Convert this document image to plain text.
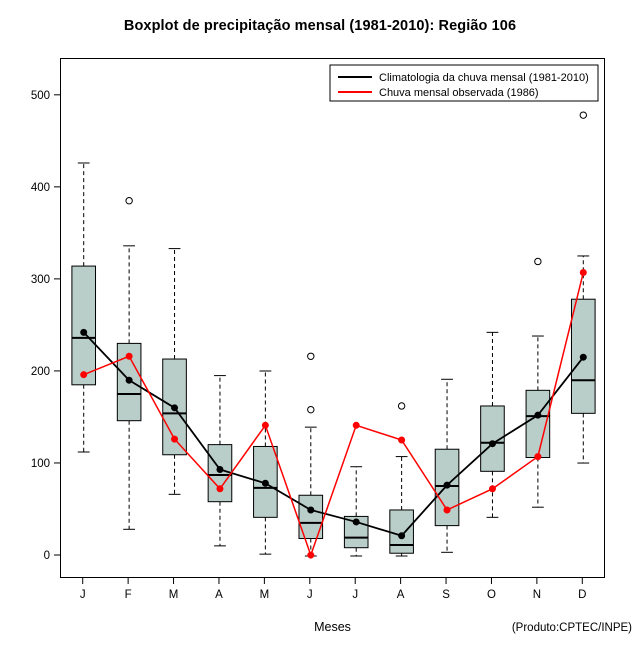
Boxplot de precipitação mensal (1981-2010): Região 106
Meses	(Produto:CPTEC/INPE)
Climatologia da chuva mensal (1981-2010)
Chuva mensal observada (1986)
0
100
200
300
400
500
J	F	M	A	M	J	J	A	S	O	N	D
